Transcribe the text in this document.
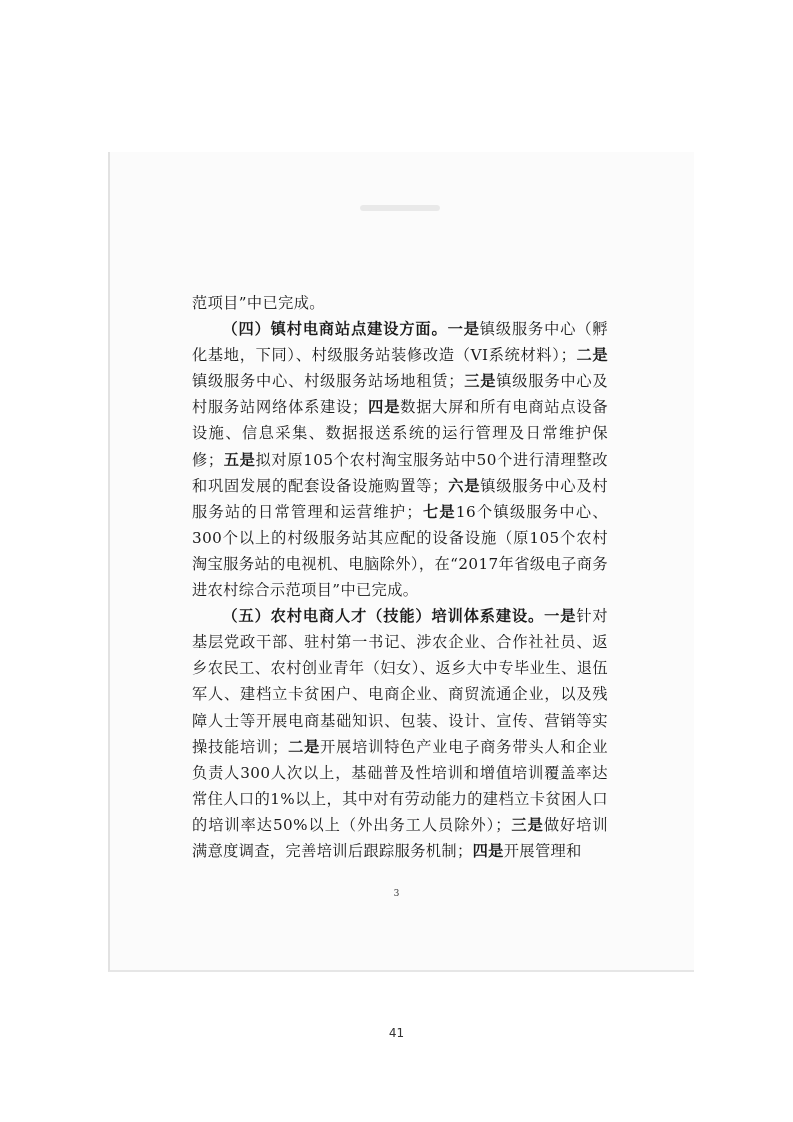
范项目”中已完成。

（四）镇村电商站点建设方面。一是镇级服务中心（孵化基地，下同）、村级服务站装修改造（VI系统材料）；二是镇级服务中心、村级服务站场地租赁；三是镇级服务中心及村服务站网络体系建设；四是数据大屏和所有电商站点设备设施、信息采集、数据报送系统的运行管理及日常维护保修；五是拟对原105个农村淘宝服务站中50个进行清理整改和巩固发展的配套设备设施购置等；六是镇级服务中心及村服务站的日常管理和运营维护；七是16个镇级服务中心、300个以上的村级服务站其应配的设备设施（原105个农村淘宝服务站的电视机、电脑除外），在“2017年省级电子商务进农村综合示范项目”中已完成。

（五）农村电商人才（技能）培训体系建设。一是针对基层党政干部、驻村第一书记、涉农企业、合作社社员、返乡农民工、农村创业青年（妇女）、返乡大中专毕业生、退伍军人、建档立卡贫困户、电商企业、商贸流通企业，以及残障人士等开展电商基础知识、包装、设计、宣传、营销等实操技能培训；二是开展培训特色产业电子商务带头人和企业负责人300人次以上，基础普及性培训和增值培训覆盖率达常住人口的1%以上，其中对有劳动能力的建档立卡贫困人口的培训率达50%以上（外出务工人员除外）；三是做好培训满意度调查，完善培训后跟踪服务机制；四是开展管理和

3
41
